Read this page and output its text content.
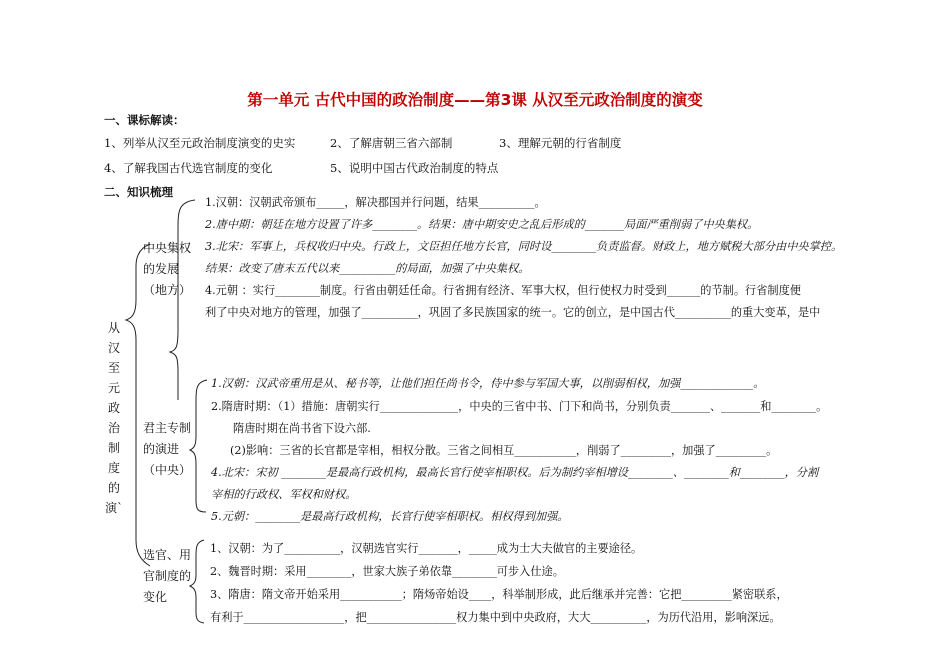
第一单元 古代中国的政治制度——第3课 从汉至元政治制度的演变
一、课标解读：
1、列举从汉至元政治制度演变的史实	2、了解唐朝三省六部制	3、理解元朝的行省制度
4、了解我国古代选官制度的变化	5、说明中国古代政治制度的特点
二、知识梳理
从汉至元政治制度的演`
中央集权的发展（地方）
君主专制的演进（中央）
选官、用官制度的变化
1.汉朝：汉朝武帝颁布_____，解决郡国并行问题，结果__________。
2.唐中期：朝廷在地方设置了许多________。结果：唐中期安史之乱后形成的_______局面严重削弱了中央集权。
3.北宋：军事上，兵权收归中央。行政上，文臣担任地方长官，同时设________负责监督。财政上，地方赋税大部分由中央掌控。
结果：改变了唐末五代以来__________的局面，加强了中央集权。
4.元朝 ：实行________制度。行省由朝廷任命。行省拥有经济、军事大权，但行使权力时受到______的节制。行省制度便
利了中央对地方的管理，加强了__________，巩固了多民族国家的统一。它的创立，是中国古代__________的重大变革，是中
1.汉朝：汉武帝重用是从、秘书等，让他们担任尚书令，侍中参与军国大事，以削弱相权，加强_____________。
2.隋唐时期：（1）措施：唐朝实行______________，中央的三省中书、门下和尚书，分别负责_______、_______和________。
隋唐时期在尚书省下设六部.
(2)影响：三省的长官都是宰相，相权分散。三省之间相互___________，削弱了_________，加强了_________。
4.北宋：宋初 ________是最高行政机构，最高长官行使宰相职权。后为制约宰相增设________、________和________，分割
宰相的行政权、军权和财权。
5.元朝：________是最高行政机构，长官行使宰相职权。相权得到加强。
1、汉朝：为了__________，汉朝选官实行_______，_____成为士大夫做官的主要途径。
2、魏晋时期：采用________，世家大族子弟依靠________可步入仕途。
3、隋唐：隋文帝开始采用___________；隋炀帝始设____，科举制形成，此后继承并完善：它把_________紧密联系，
有利于__________________，把________________权力集中到中央政府，大大__________，为历代沿用，影响深远。
